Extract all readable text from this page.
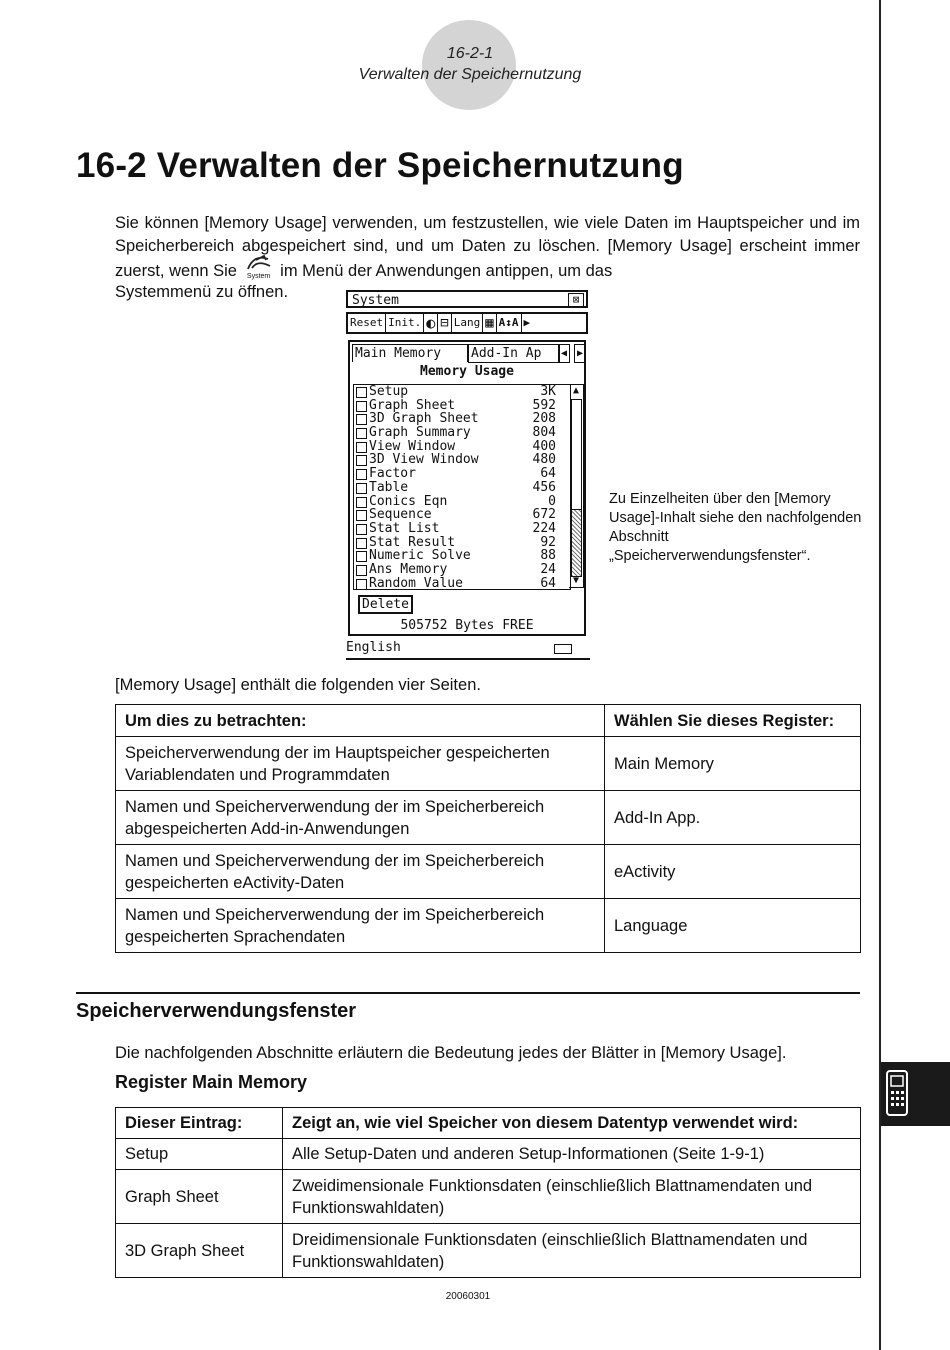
16-2-1
Verwalten der Speichernutzung
16-2 Verwalten der Speichernutzung
Sie können [Memory Usage] verwenden, um festzustellen, wie viele Daten im Hauptspeicher und im Speicherbereich abgespeichert sind, und um Daten zu löschen. [Memory Usage] erscheint immer zuerst, wenn Sie	System im Menü der Anwendungen antippen, um das
Systemmenü zu öffnen.	System	⊠
Reset Init. ◐ ⊟ Lang ▦ A↕A ▶
Main Memory	Add-In Ap	◀ ▶
Memory Usage
Setup	3K
Graph Sheet	592
3D Graph Sheet	208
Graph Summary	804
View Window	400
3D View Window	480
Factor	64
Table	456
Conics Eqn	0
Sequence	672
Stat List	224
Stat Result	92
Numeric Solve	88
Ans Memory	24
Random Value	64
▲
▼
Delete
505752 Bytes FREE
English
Zu Einzelheiten über den [Memory Usage]-Inhalt siehe den nachfolgenden Abschnitt „Speicherverwendungsfenster“.
[Memory Usage] enthält die folgenden vier Seiten.
Um dies zu betrachten:	Wählen Sie dieses Register:
Speicherverwendung der im Hauptspeicher gespeicherten Variablendaten und Programmdaten	Main Memory
Namen und Speicherverwendung der im Speicherbereich abgespeicherten Add-in-Anwendungen	Add-In App.
Namen und Speicherverwendung der im Speicherbereich gespeicherten eActivity-Daten	eActivity
Namen und Speicherverwendung der im Speicherbereich gespeicherten Sprachendaten	Language
Speicherverwendungsfenster
Die nachfolgenden Abschnitte erläutern die Bedeutung jedes der Blätter in [Memory Usage].
Register Main Memory
Dieser Eintrag:	Zeigt an, wie viel Speicher von diesem Datentyp verwendet wird:
Setup	Alle Setup-Daten und anderen Setup-Informationen (Seite 1-9-1)
Graph Sheet	Zweidimensionale Funktionsdaten (einschließlich Blattnamendaten und Funktionswahldaten)
3D Graph Sheet	Dreidimensionale Funktionsdaten (einschließlich Blattnamendaten und Funktionswahldaten)
20060301
